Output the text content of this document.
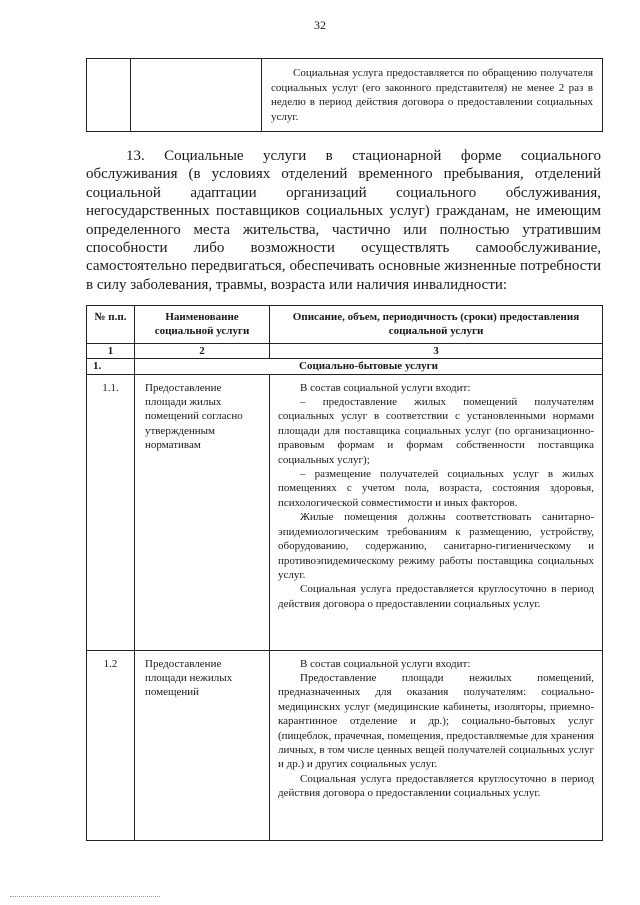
32

Социальная услуга предоставляется по обращению получателя социальных услуг (его законного представителя) не менее 2 раз в неделю в период действия договора о предоставлении социальных услуг.

13. Социальные услуги в стационарной форме социального обслуживания (в условиях отделений временного пребывания, отделений социальной адаптации организаций социального обслуживания, негосударственных поставщиков социальных услуг) гражданам, не имеющим определенного места жительства, частично или полностью утратившим способности либо возможности осуществлять самообслуживание, самостоятельно передвигаться, обеспечивать основные жизненные потребности в силу заболевания, травмы, возраста или наличия инвалидности:

№ п.п.	Наименование социальной услуги	Описание, объем, периодичность (сроки) предоставления социальной услуги
1	2	3
1.	Социально-бытовые услуги	
1.1.	Предоставление площади жилых помещений согласно утвержденным нормативам	В состав социальной услуги входит:

– предоставление жилых помещений получателям социальных услуг в соответствии с установленными нормами площади для поставщика социальных услуг (по организационно-правовым формам и формам собственности поставщика социальных услуг);

– размещение получателей социальных услуг в жилых помещениях с учетом пола, возраста, состояния здоровья, психологической совместимости и иных факторов.

Жилые помещения должны соответствовать санитарно-эпидемиологическим требованиям к размещению, устройству, оборудованию, содержанию, санитарно-гигиеническому и противоэпидемическому режиму работы поставщика социальных услуг.

Социальная услуга предоставляется круглосуточно в период действия договора о предоставлении социальных услуг.

1.2	Предоставление площади нежилых помещений	В состав социальной услуги входит:

Предоставление площади нежилых помещений, предназначенных для оказания получателям: социально-медицинских услуг (медицинские кабинеты, изоляторы, приемно-карантинное отделение и др.); социально-бытовых услуг (пищеблок, прачечная, помещения, предоставляемые для хранения личных, в том числе ценных вещей получателей социальных услуг и др.) и других социальных услуг.

Социальная услуга предоставляется круглосуточно в период действия договора о предоставлении социальных услуг.
